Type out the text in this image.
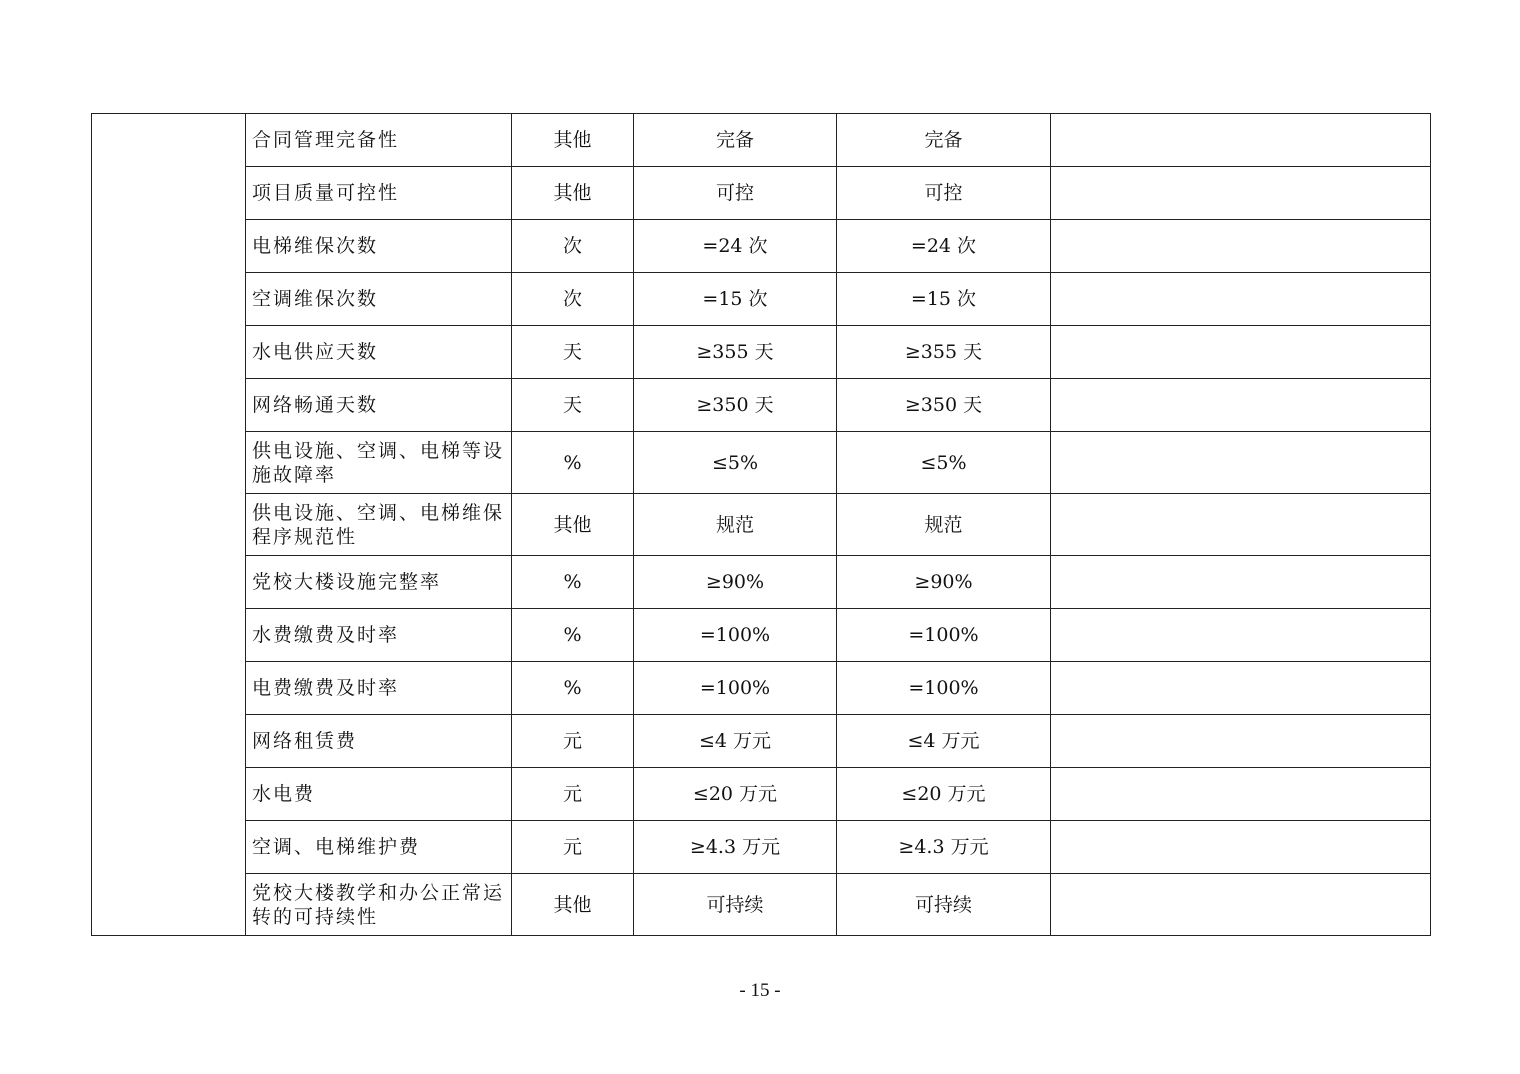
	合同管理完备性	其他	完备	完备	
	项目质量可控性	其他	可控	可控	
	电梯维保次数	次	=24 次	=24 次	
	空调维保次数	次	=15 次	=15 次	
	水电供应天数	天	≥355 天	≥355 天	
	网络畅通天数	天	≥350 天	≥350 天	
	供电设施、空调、电梯等设施故障率	%	≤5%	≤5%	
	供电设施、空调、电梯维保程序规范性	其他	规范	规范	
	党校大楼设施完整率	%	≥90%	≥90%	
	水费缴费及时率	%	=100%	=100%	
	电费缴费及时率	%	=100%	=100%	
	网络租赁费	元	≤4 万元	≤4 万元	
	水电费	元	≤20 万元	≤20 万元	
	空调、电梯维护费	元	≥4.3 万元	≥4.3 万元	
	党校大楼教学和办公正常运转的可持续性	其他	可持续	可持续	
- 15 -
